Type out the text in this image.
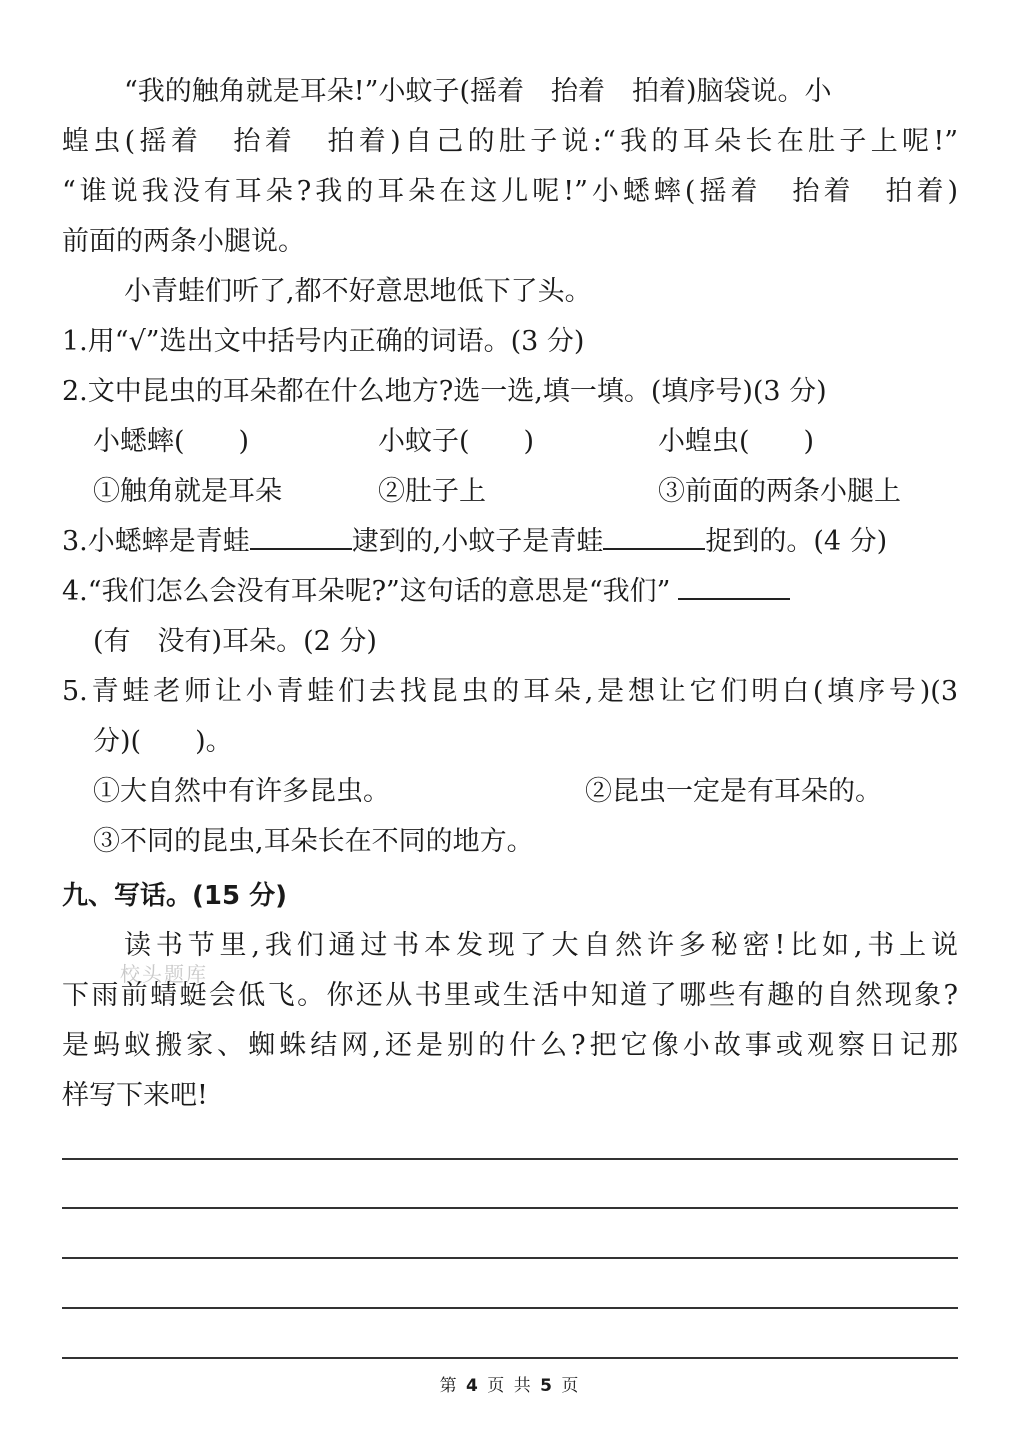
“我的触角就是耳朵!”小蚊子(摇着　抬着　拍着)脑袋说。小
蝗虫(摇着　抬着　拍着)自己的肚子说:“我的耳朵长在肚子上呢!”
“谁说我没有耳朵?我的耳朵在这儿呢!”小蟋蟀(摇着　抬着　拍着)
前面的两条小腿说。
小青蛙们听了,都不好意思地低下了头。
1.用“√”选出文中括号内正确的词语。(3 分)
2.文中昆虫的耳朵都在什么地方?选一选,填一填。(填序号)(3 分)
小蟋蟀(　　)	小蚊子(　　)	小蝗虫(　　)
①触角就是耳朵	②肚子上	③前面的两条小腿上
3.小蟋蟀是青蛙	逮到的,小蚊子是青蛙	捉到的。(4 分)
4.“我们怎么会没有耳朵呢?”这句话的意思是“我们”
(有　没有)耳朵。(2 分)
5.青蛙老师让小青蛙们去找昆虫的耳朵,是想让它们明白(填序号)(3
分)(　　)。
①大自然中有许多昆虫。	②昆虫一定是有耳朵的。
③不同的昆虫,耳朵长在不同的地方。
九、写话。(15 分)
读书节里,我们通过书本发现了大自然许多秘密!比如,书上说
校头题库
下雨前蜻蜓会低飞。你还从书里或生活中知道了哪些有趣的自然现象?
是蚂蚁搬家、蜘蛛结网,还是别的什么?把它像小故事或观察日记那
样写下来吧!
第 4 页 共 5 页
